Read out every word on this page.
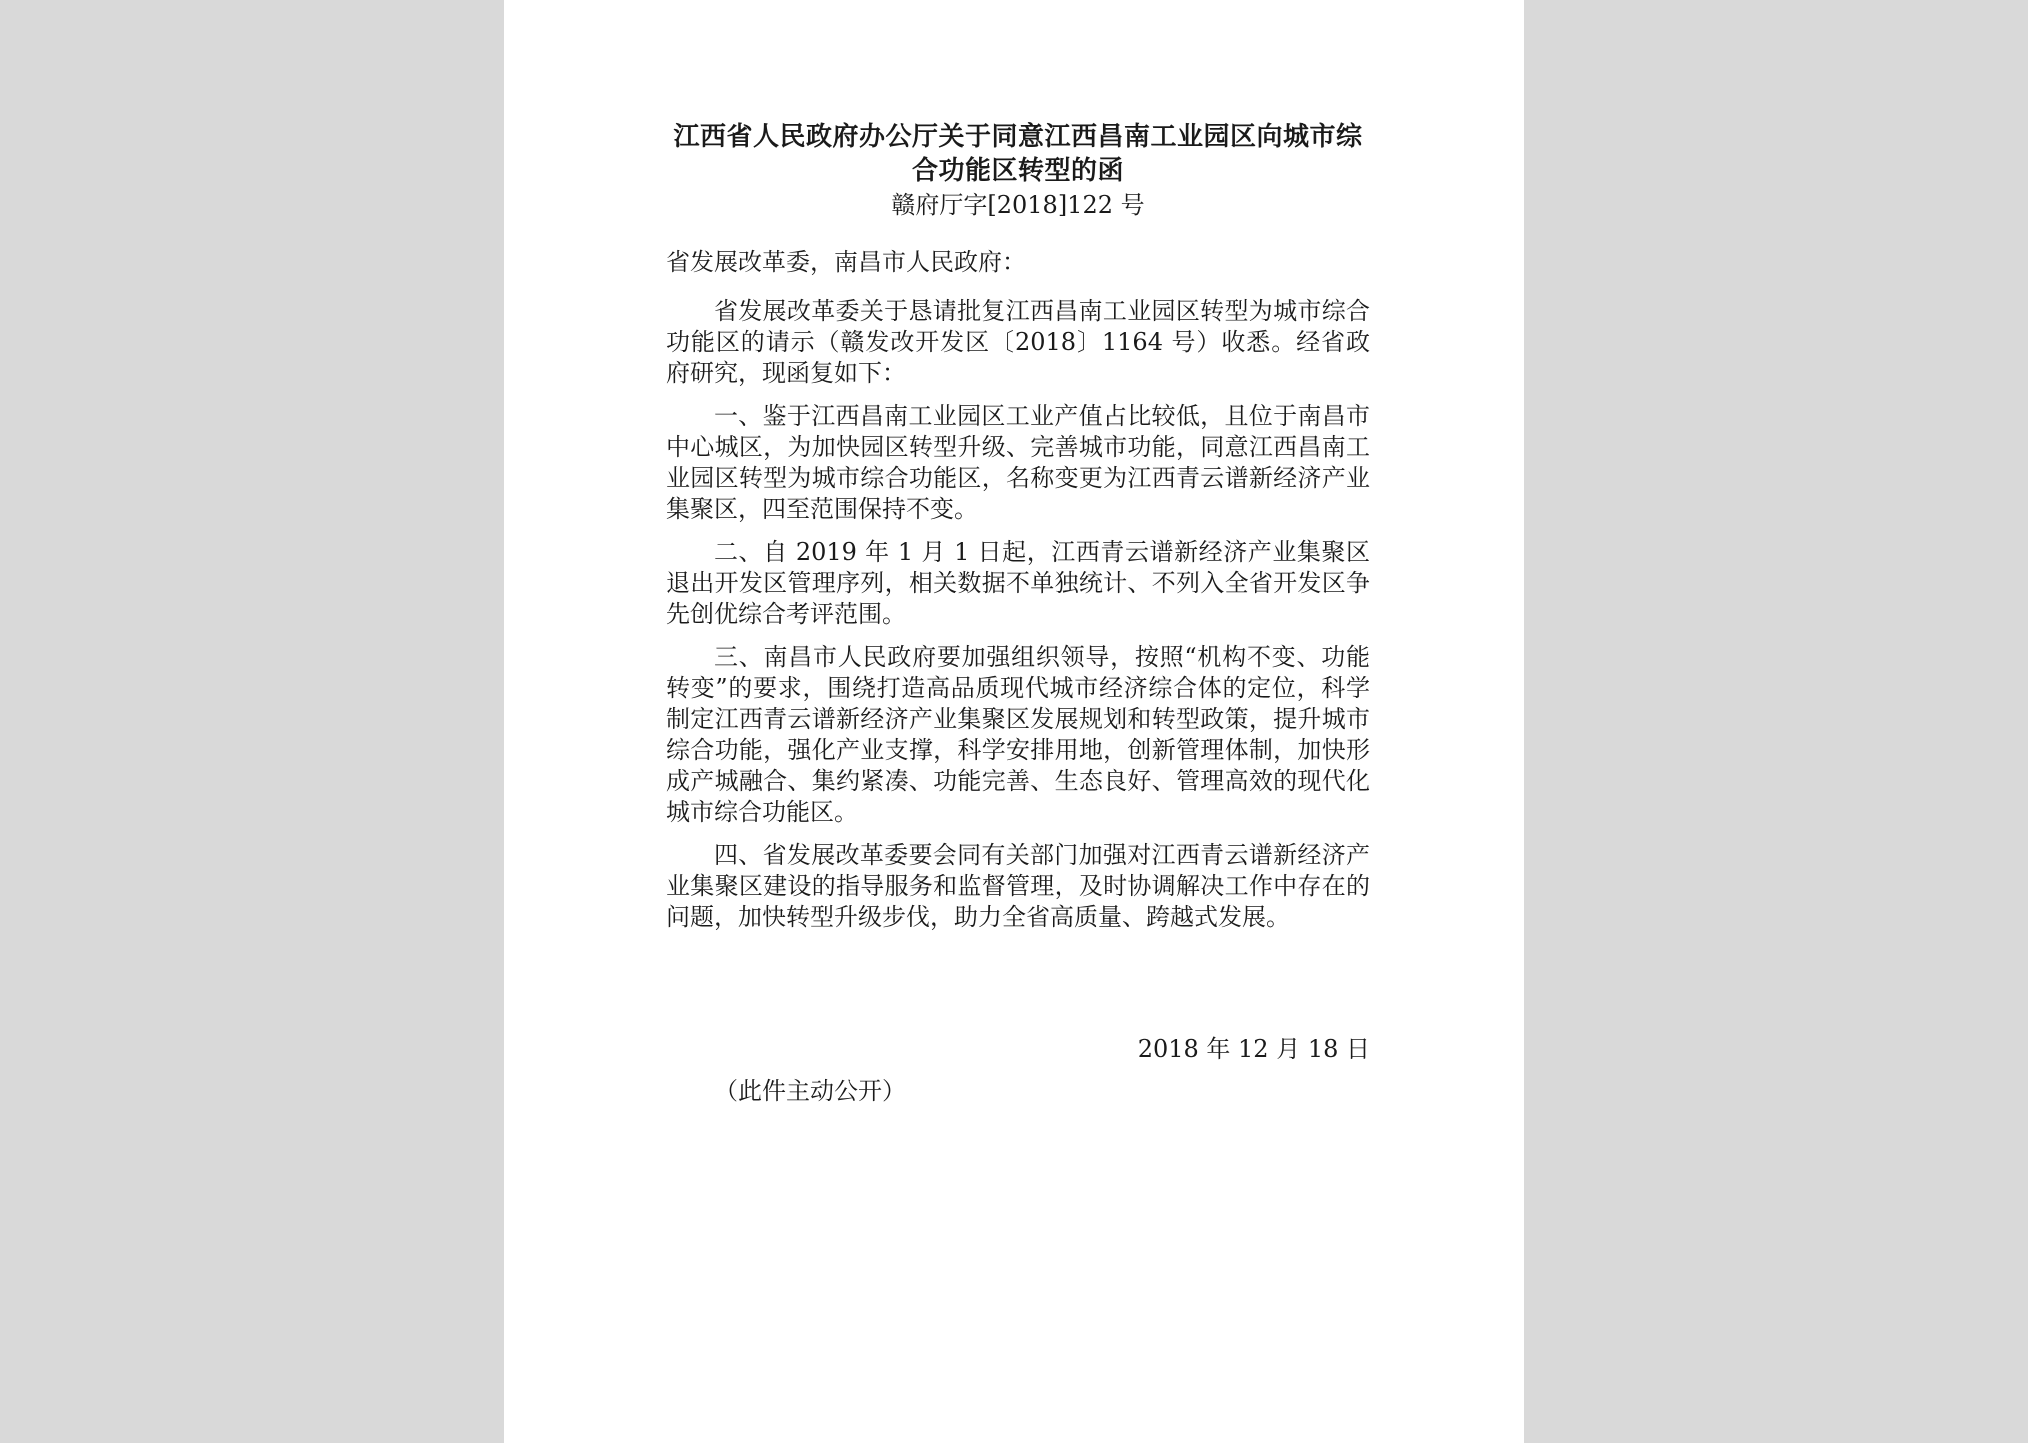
江西省人民政府办公厅关于同意江西昌南工业园区向城市综合功能区转型的函

赣府厅字[2018]122 号

省发展改革委，南昌市人民政府：

省发展改革委关于恳请批复江西昌南工业园区转型为城市综合功能区的请示（赣发改开发区〔2018〕1164 号）收悉。经省政府研究，现函复如下：

一、鉴于江西昌南工业园区工业产值占比较低，且位于南昌市中心城区，为加快园区转型升级、完善城市功能，同意江西昌南工业园区转型为城市综合功能区，名称变更为江西青云谱新经济产业集聚区，四至范围保持不变。

二、自 2019 年 1 月 1 日起，江西青云谱新经济产业集聚区退出开发区管理序列，相关数据不单独统计、不列入全省开发区争先创优综合考评范围。

三、南昌市人民政府要加强组织领导，按照“机构不变、功能转变”的要求，围绕打造高品质现代城市经济综合体的定位，科学制定江西青云谱新经济产业集聚区发展规划和转型政策，提升城市综合功能，强化产业支撑，科学安排用地，创新管理体制，加快形成产城融合、集约紧凑、功能完善、生态良好、管理高效的现代化城市综合功能区。

四、省发展改革委要会同有关部门加强对江西青云谱新经济产业集聚区建设的指导服务和监督管理，及时协调解决工作中存在的问题，加快转型升级步伐，助力全省高质量、跨越式发展。

2018 年 12 月 18 日

（此件主动公开）
